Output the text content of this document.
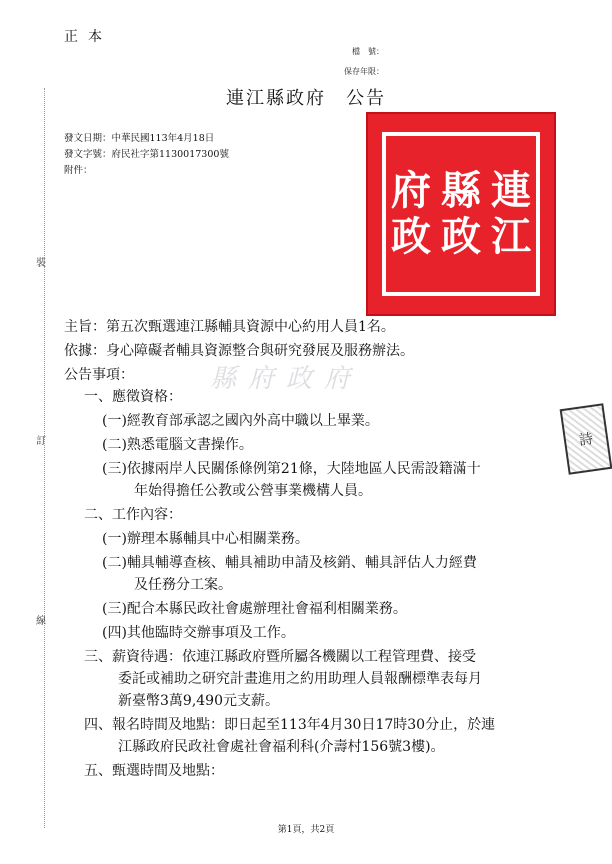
正本
檔　號：
保存年限：
連江縣政府　公告
發文日期：中華民國113年4月18日
發文字號：府民社字第1130017300號
附件：
裝
訂
線
府政
縣政
連江
縣府政府
詩
主旨：第五次甄選連江縣輔具資源中心約用人員1名。
依據：身心障礙者輔具資源整合與研究發展及服務辦法。
公告事項：
一、應徵資格：
(一)經教育部承認之國內外高中職以上畢業。
(二)熟悉電腦文書操作。
(三)依據兩岸人民關係條例第21條，大陸地區人民需設籍滿十
年始得擔任公教或公營事業機構人員。
二、工作內容：
(一)辦理本縣輔具中心相關業務。
(二)輔具輔導查核、輔具補助申請及核銷、輔具評估人力經費
及任務分工案。
(三)配合本縣民政社會處辦理社會福利相關業務。
(四)其他臨時交辦事項及工作。
三、薪資待遇：依連江縣政府暨所屬各機關以工程管理費、接受
委託或補助之研究計畫進用之約用助理人員報酬標準表每月
新臺幣3萬9,490元支薪。
四、報名時間及地點：即日起至113年4月30日17時30分止，於連
江縣政府民政社會處社會福利科(介壽村156號3樓)。
五、甄選時間及地點：
第1頁，共2頁
